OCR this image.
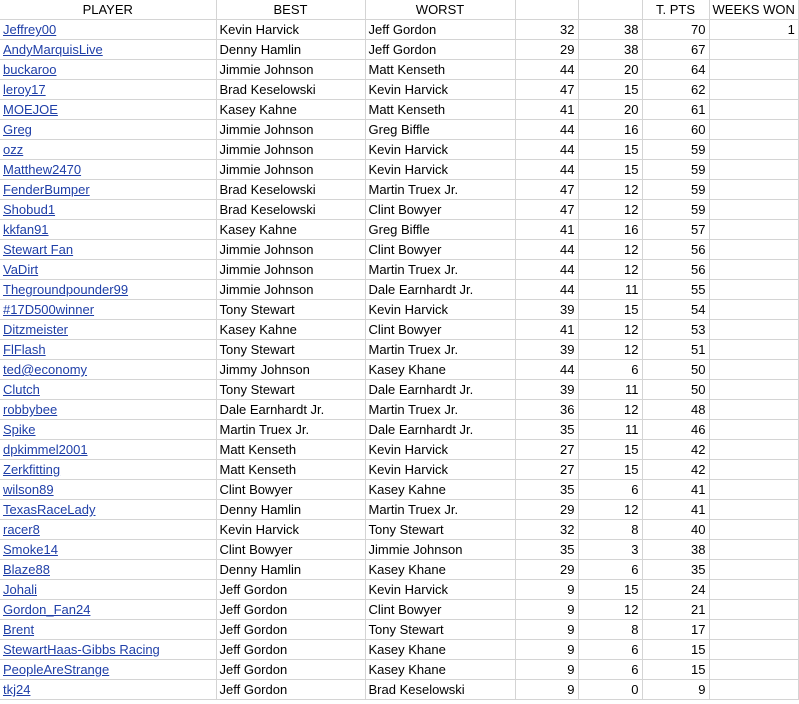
PLAYER	BEST	WORST			T. PTS	WEEKS WON
Jeffrey00	Kevin Harvick	Jeff Gordon	32	38	70	1
AndyMarquisLive	Denny Hamlin	Jeff Gordon	29	38	67	
buckaroo	Jimmie Johnson	Matt Kenseth	44	20	64	
leroy17	Brad Keselowski	Kevin Harvick	47	15	62	
MOEJOE	Kasey Kahne	Matt Kenseth	41	20	61	
Greg	Jimmie Johnson	Greg Biffle	44	16	60	
ozz	Jimmie Johnson	Kevin Harvick	44	15	59	
Matthew2470	Jimmie Johnson	Kevin Harvick	44	15	59	
FenderBumper	Brad Keselowski	Martin Truex Jr.	47	12	59	
Shobud1	Brad Keselowski	Clint Bowyer	47	12	59	
kkfan91	Kasey Kahne	Greg Biffle	41	16	57	
Stewart Fan	Jimmie Johnson	Clint Bowyer	44	12	56	
VaDirt	Jimmie Johnson	Martin Truex Jr.	44	12	56	
Thegroundpounder99	Jimmie Johnson	Dale Earnhardt Jr.	44	11	55	
#17D500winner	Tony Stewart	Kevin Harvick	39	15	54	
Ditzmeister	Kasey Kahne	Clint Bowyer	41	12	53	
FlFlash	Tony Stewart	Martin Truex Jr.	39	12	51	
ted@economy	Jimmy Johnson	Kasey Khane	44	6	50	
Clutch	Tony Stewart	Dale Earnhardt Jr.	39	11	50	
robbybee	Dale Earnhardt Jr.	Martin Truex Jr.	36	12	48	
Spike	Martin Truex Jr.	Dale Earnhardt Jr.	35	11	46	
dpkimmel2001	Matt Kenseth	Kevin Harvick	27	15	42	
Zerkfitting	Matt Kenseth	Kevin Harvick	27	15	42	
wilson89	Clint Bowyer	Kasey Kahne	35	6	41	
TexasRaceLady	Denny Hamlin	Martin Truex Jr.	29	12	41	
racer8	Kevin Harvick	Tony Stewart	32	8	40	
Smoke14	Clint Bowyer	Jimmie Johnson	35	3	38	
Blaze88	Denny Hamlin	Kasey Khane	29	6	35	
Johali	Jeff Gordon	Kevin Harvick	9	15	24	
Gordon_Fan24	Jeff Gordon	Clint Bowyer	9	12	21	
Brent	Jeff Gordon	Tony Stewart	9	8	17	
StewartHaas-Gibbs Racing	Jeff Gordon	Kasey Khane	9	6	15	
PeopleAreStrange	Jeff Gordon	Kasey Khane	9	6	15	
tkj24	Jeff Gordon	Brad Keselowski	9	0	9	
